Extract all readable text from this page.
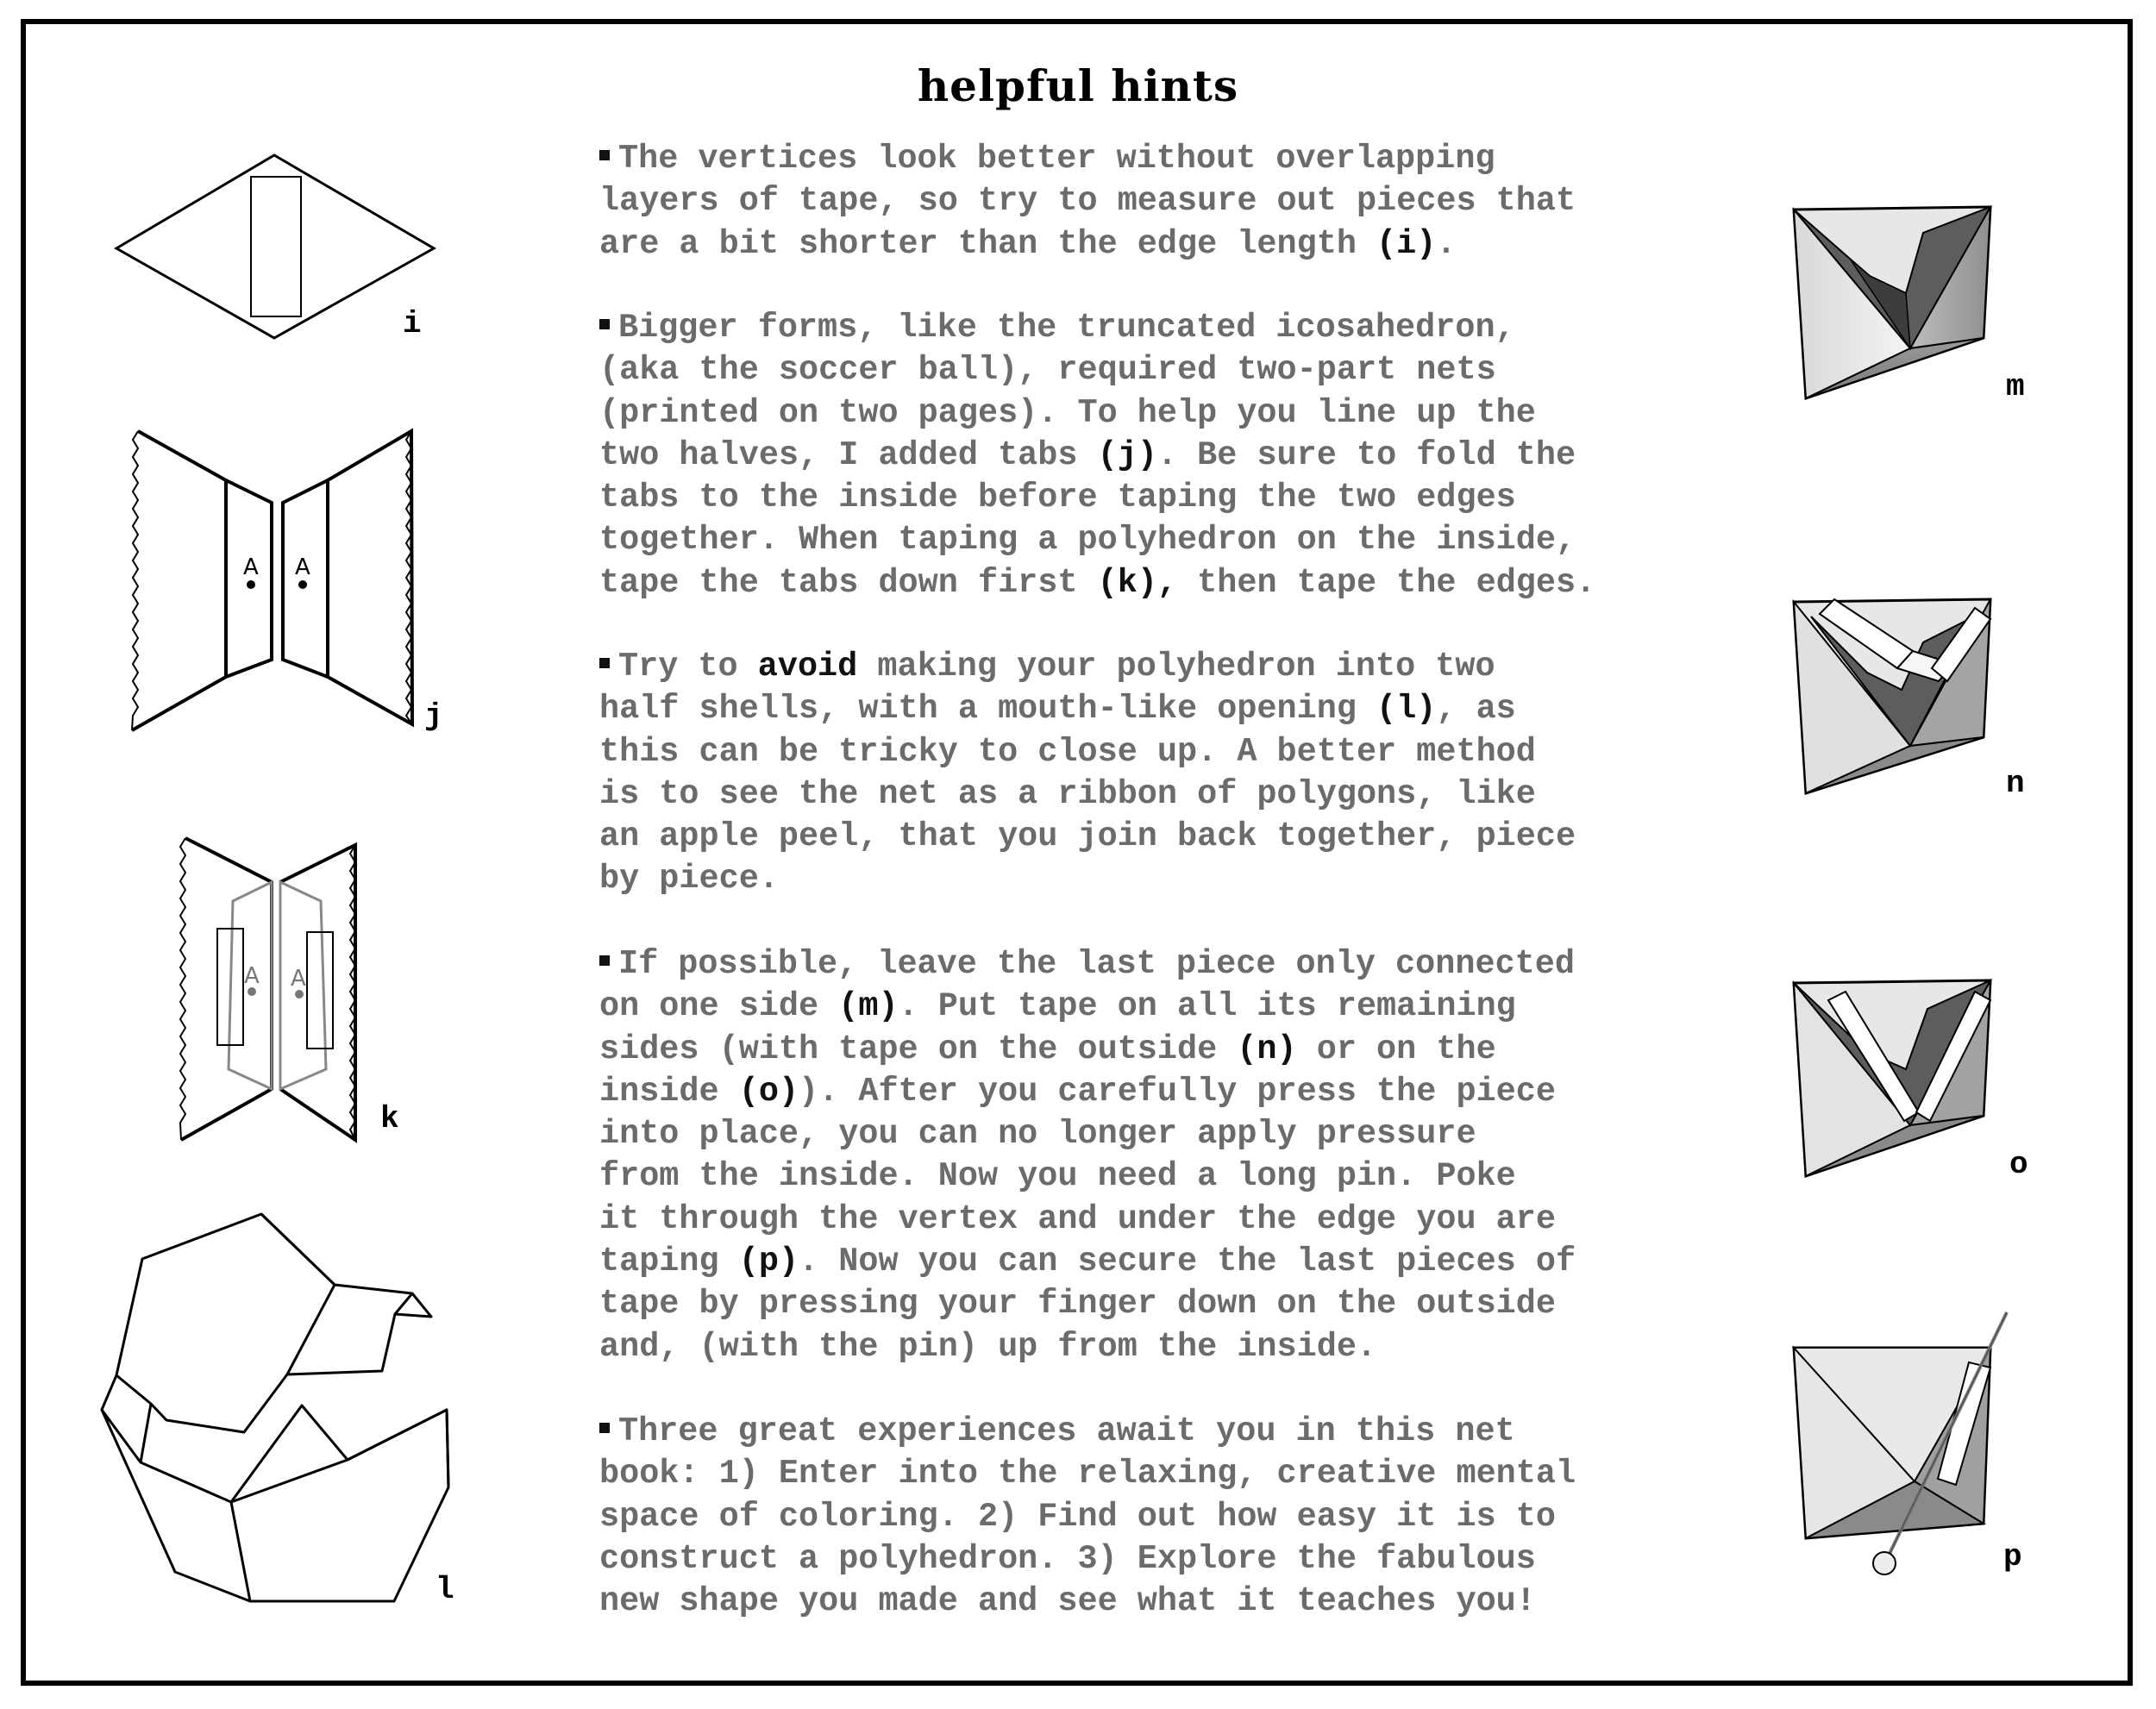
helpful hints
The vertices look better without overlapping
layers of tape, so try to measure out pieces that
are a bit shorter than the edge length (i).
Bigger forms, like the truncated icosahedron,
(aka the soccer ball), required two-part nets
(printed on two pages). To help you line up the
two halves, I added tabs (j). Be sure to fold the
tabs to the inside before taping the two edges
together. When taping a polyhedron on the inside,
tape the tabs down first (k), then tape the edges.
Try to avoid making your polyhedron into two
half shells, with a mouth-like opening (l), as
this can be tricky to close up. A better method
is to see the net as a ribbon of polygons, like
an apple peel, that you join back together, piece
by piece.
If possible, leave the last piece only connected
on one side (m). Put tape on all its remaining
sides (with tape on the outside (n) or on the
inside (o)). After you carefully press the piece
into place, you can no longer apply pressure
from the inside. Now you need a long pin. Poke
it through the vertex and under the edge you are
taping (p). Now you can secure the last pieces of
tape by pressing your finger down on the outside
and, (with the pin) up from the inside.
Three great experiences await you in this net
book: 1) Enter into the relaxing, creative mental
space of coloring. 2) Find out how easy it is to
construct a polyhedron. 3) Explore the fabulous
new shape you made and see what it teaches you!
i
A A
j
A A
k
l
m
n
o
p
